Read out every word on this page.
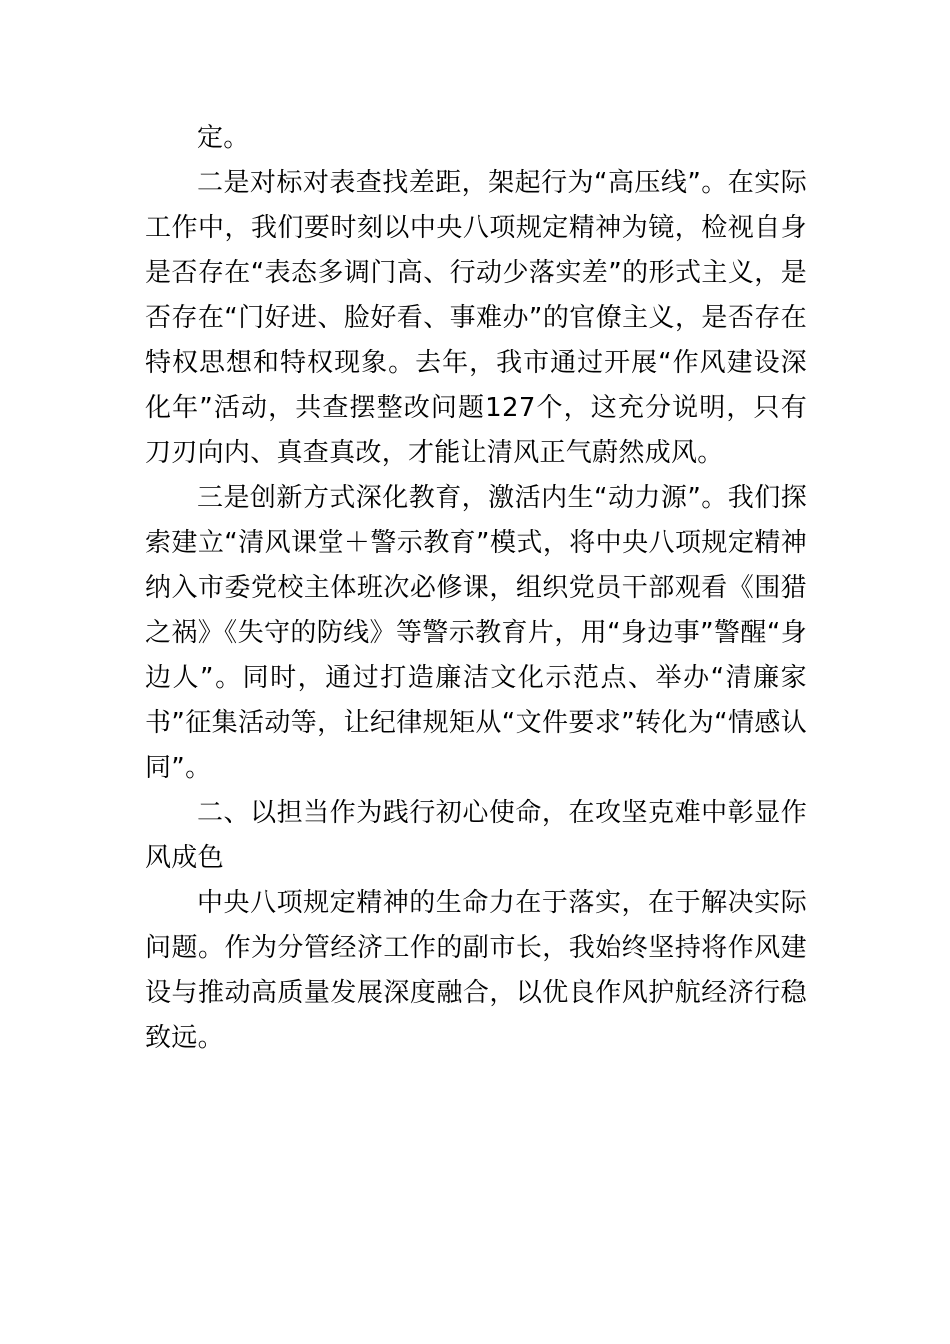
定。

二是对标对表查找差距，架起行为“高压线”。在实际工作中，我们要时刻以中央八项规定精神为镜，检视自身是否存在“表态多调门高、行动少落实差”的形式主义，是否存在“门好进、脸好看、事难办”的官僚主义，是否存在特权思想和特权现象。去年，我市通过开展“作风建设深化年”活动，共查摆整改问题127个，这充分说明，只有刀刃向内、真查真改，才能让清风正气蔚然成风。

三是创新方式深化教育，激活内生“动力源”。我们探索建立“清风课堂＋警示教育”模式，将中央八项规定精神纳入市委党校主体班次必修课，组织党员干部观看《围猎之祸》《失守的防线》等警示教育片，用“身边事”警醒“身边人”。同时，通过打造廉洁文化示范点、举办“清廉家书”征集活动等，让纪律规矩从“文件要求”转化为“情感认同”。

二、以担当作为践行初心使命，在攻坚克难中彰显作风成色

中央八项规定精神的生命力在于落实，在于解决实际问题。作为分管经济工作的副市长，我始终坚持将作风建设与推动高质量发展深度融合，以优良作风护航经济行稳致远。
